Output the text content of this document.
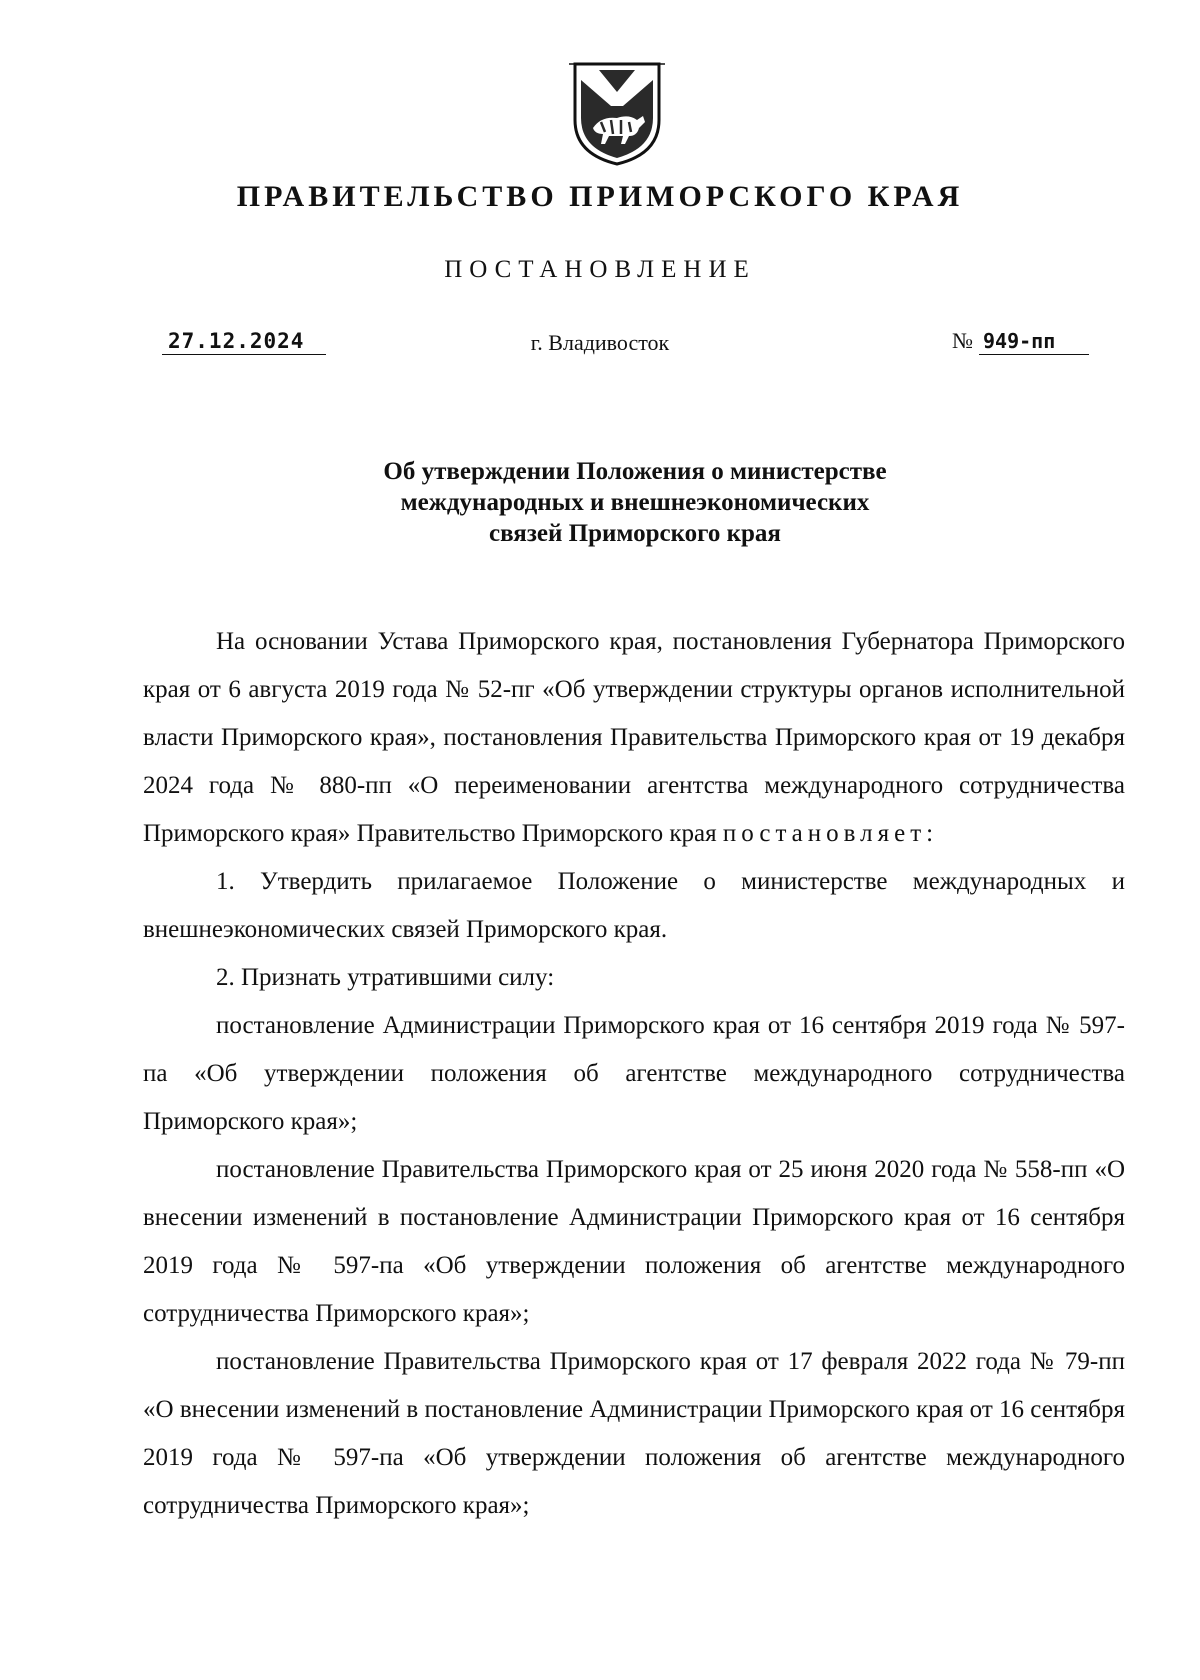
ПРАВИТЕЛЬСТВО ПРИМОРСКОГО КРАЯ
ПОСТАНОВЛЕНИЕ
27.12.2024	г. Владивосток	№ 949-пп
Об утверждении Положения о министерстве
международных и внешнеэкономических
связей Приморского края

На основании Устава Приморского края, постановления Губернатора Приморского края от 6 августа 2019 года № 52-пг «Об утверждении структуры органов исполнительной власти Приморского края», постановления Правительства Приморского края от 19 декабря 2024 года № 880-пп «О переименовании агентства международного сотрудничества Приморского края» Правительство Приморского края постановляет:

1. Утвердить прилагаемое Положение о министерстве международных и внешнеэкономических связей Приморского края.

2. Признать утратившими силу:

постановление Администрации Приморского края от 16 сентября 2019 года № 597-па «Об утверждении положения об агентстве международного сотрудничества Приморского края»;

постановление Правительства Приморского края от 25 июня 2020 года № 558-пп «О внесении изменений в постановление Администрации Приморского края от 16 сентября 2019 года № 597-па «Об утверждении положения об агентстве международного сотрудничества Приморского края»;

постановление Правительства Приморского края от 17 февраля 2022 года № 79-пп «О внесении изменений в постановление Администрации Приморского края от 16 сентября 2019 года № 597-па «Об утверждении положения об агентстве международного сотрудничества Приморского края»;
